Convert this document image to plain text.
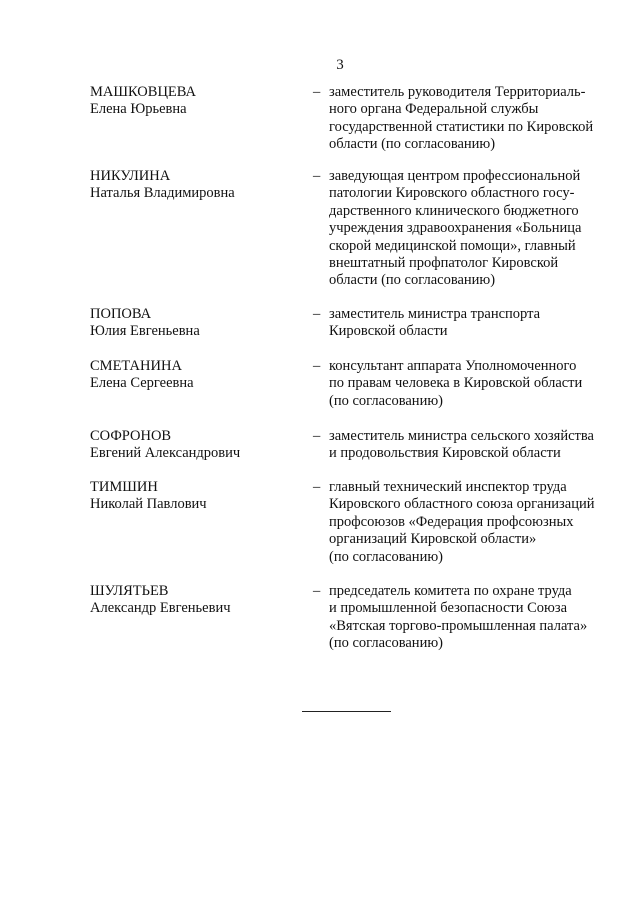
3
МАШКОВЦЕВА
Елена Юрьевна
– заместитель руководителя Территориаль-
ного органа Федеральной службы
государственной статистики по Кировской
области (по согласованию)
НИКУЛИНА
Наталья Владимировна
– заведующая центром профессиональной
патологии Кировского областного госу-
дарственного клинического бюджетного
учреждения здравоохранения «Больница
скорой медицинской помощи», главный
внештатный профпатолог Кировской
области (по согласованию)
ПОПОВА
Юлия Евгеньевна
– заместитель министра транспорта
Кировской области
СМЕТАНИНА
Елена Сергеевна
– консультант аппарата Уполномоченного
по правам человека в Кировской области
(по согласованию)
СОФРОНОВ
Евгений Александрович
– заместитель министра сельского хозяйства
и продовольствия Кировской области
ТИМШИН
Николай Павлович
– главный технический инспектор труда
Кировского областного союза организаций
профсоюзов «Федерация профсоюзных
организаций Кировской области»
(по согласованию)
ШУЛЯТЬЕВ
Александр Евгеньевич
– председатель комитета по охране труда
и промышленной безопасности Союза
«Вятская торгово-промышленная палата»
(по согласованию)
